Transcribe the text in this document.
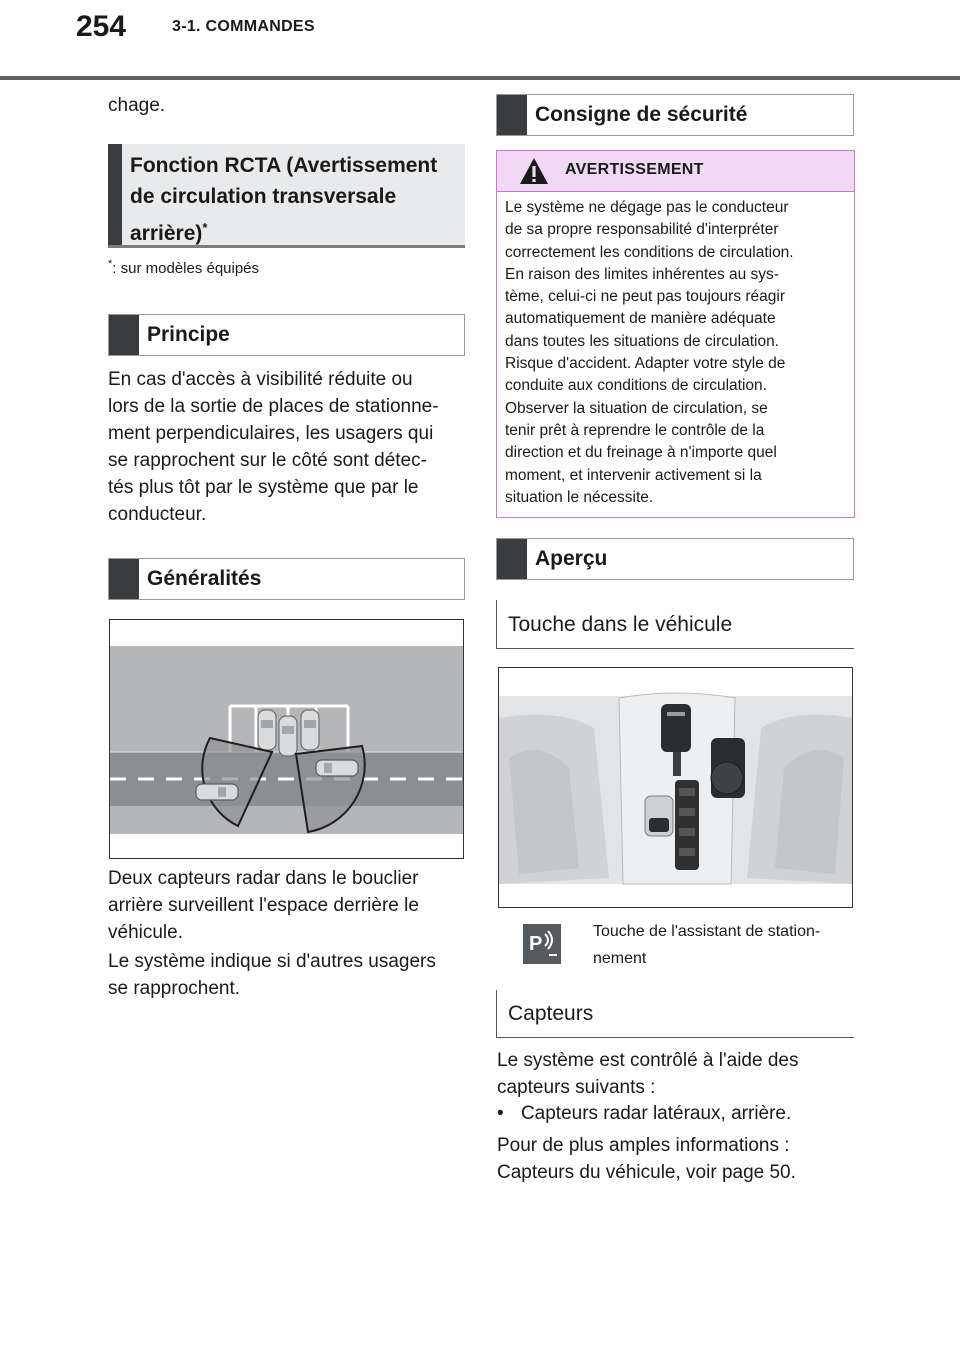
254	3-1. COMMANDES
chage.
Fonction RCTA (Avertissement
de circulation transversale
arrière)*
*: sur modèles équipés
Principe
En cas d'accès à visibilité réduite ou
lors de la sortie de places de stationne-
ment perpendiculaires, les usagers qui
se rapprochent sur le côté sont détec-
tés plus tôt par le système que par le
conducteur.
Généralités
Deux capteurs radar dans le bouclier
arrière surveillent l'espace derrière le
véhicule.
Le système indique si d'autres usagers
se rapprochent.
Consigne de sécurité
AVERTISSEMENT
Le système ne dégage pas le conducteur
de sa propre responsabilité d'interpréter
correctement les conditions de circulation.
En raison des limites inhérentes au sys-
tème, celui-ci ne peut pas toujours réagir
automatiquement de manière adéquate
dans toutes les situations de circulation.
Risque d'accident. Adapter votre style de
conduite aux conditions de circulation.
Observer la situation de circulation, se
tenir prêt à reprendre le contrôle de la
direction et du freinage à n'importe quel
moment, et intervenir activement si la
situation le nécessite.
Aperçu
Touche dans le véhicule
P
Touche de l'assistant de station-
nement
Capteurs
Le système est contrôlé à l'aide des
capteurs suivants :
• Capteurs radar latéraux, arrière.
Pour de plus amples informations :
Capteurs du véhicule, voir page 50.
